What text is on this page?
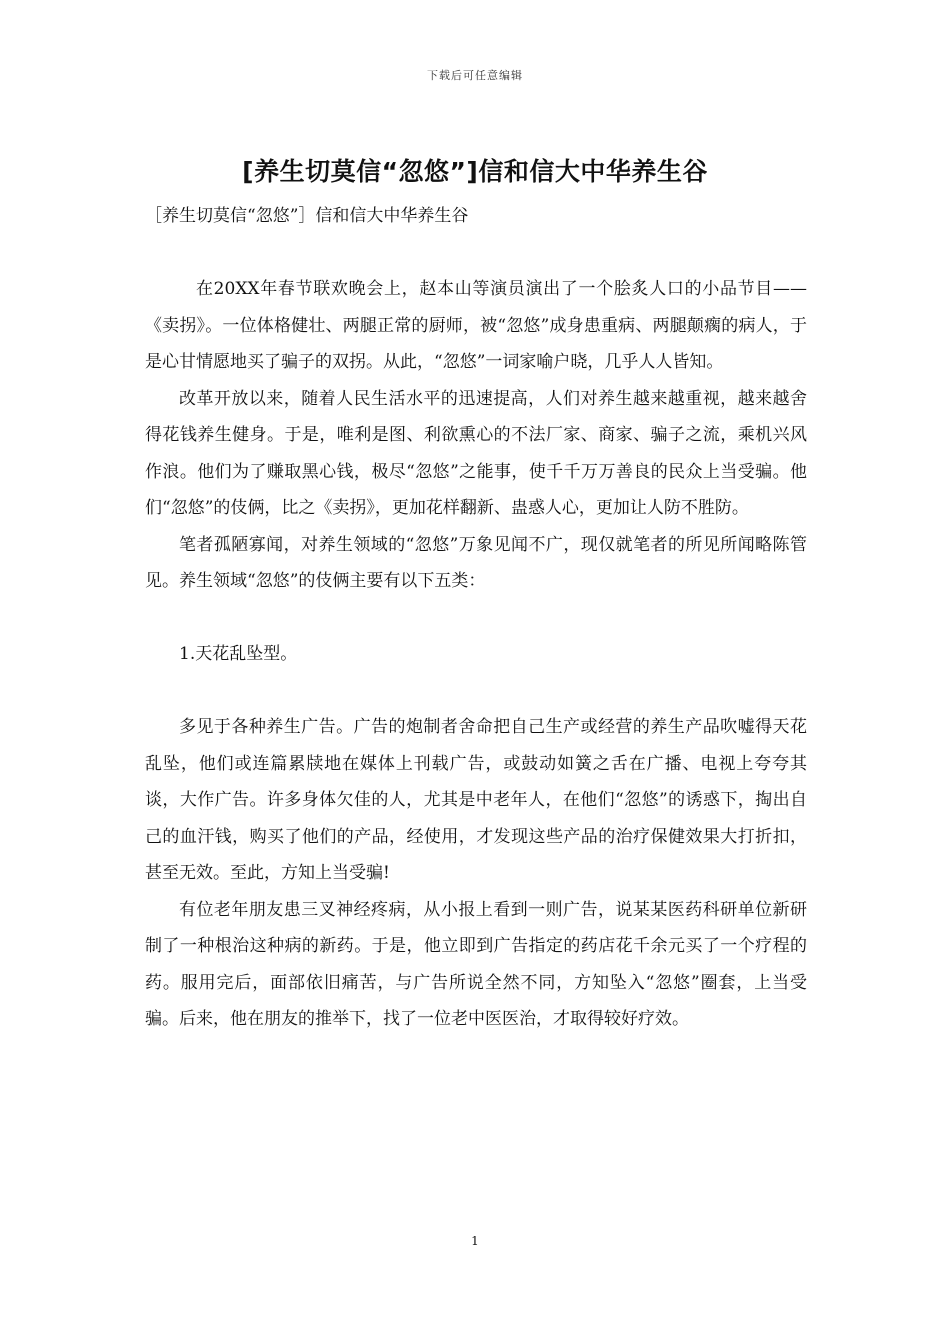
下载后可任意编辑
[养生切莫信“忽悠”]信和信大中华养生谷

［养生切莫信“忽悠”］信和信大中华养生谷

在20XX年春节联欢晚会上，赵本山等演员演出了一个脍炙人口的小品节目——《卖拐》。一位体格健壮、两腿正常的厨师，被“忽悠”成身患重病、两腿颠瘸的病人，于是心甘情愿地买了骗子的双拐。从此，“忽悠”一词家喻户晓，几乎人人皆知。

改革开放以来，随着人民生活水平的迅速提高，人们对养生越来越重视，越来越舍得花钱养生健身。于是，唯利是图、利欲熏心的不法厂家、商家、骗子之流，乘机兴风作浪。他们为了赚取黑心钱，极尽“忽悠”之能事，使千千万万善良的民众上当受骗。他们“忽悠”的伎俩，比之《卖拐》，更加花样翻新、蛊惑人心，更加让人防不胜防。

笔者孤陋寡闻，对养生领域的“忽悠”万象见闻不广，现仅就笔者的所见所闻略陈管见。养生领域“忽悠”的伎俩主要有以下五类：

1.天花乱坠型。

多见于各种养生广告。广告的炮制者舍命把自己生产或经营的养生产品吹嘘得天花乱坠，他们或连篇累牍地在媒体上刊载广告，或鼓动如簧之舌在广播、电视上夸夸其谈，大作广告。许多身体欠佳的人，尤其是中老年人，在他们“忽悠”的诱惑下，掏出自己的血汗钱，购买了他们的产品，经使用，才发现这些产品的治疗保健效果大打折扣，甚至无效。至此，方知上当受骗!

有位老年朋友患三叉神经疼病，从小报上看到一则广告，说某某医药科研单位新研制了一种根治这种病的新药。于是，他立即到广告指定的药店花千余元买了一个疗程的药。服用完后，面部依旧痛苦，与广告所说全然不同，方知坠入“忽悠”圈套，上当受骗。后来，他在朋友的推举下，找了一位老中医医治，才取得较好疗效。

1
